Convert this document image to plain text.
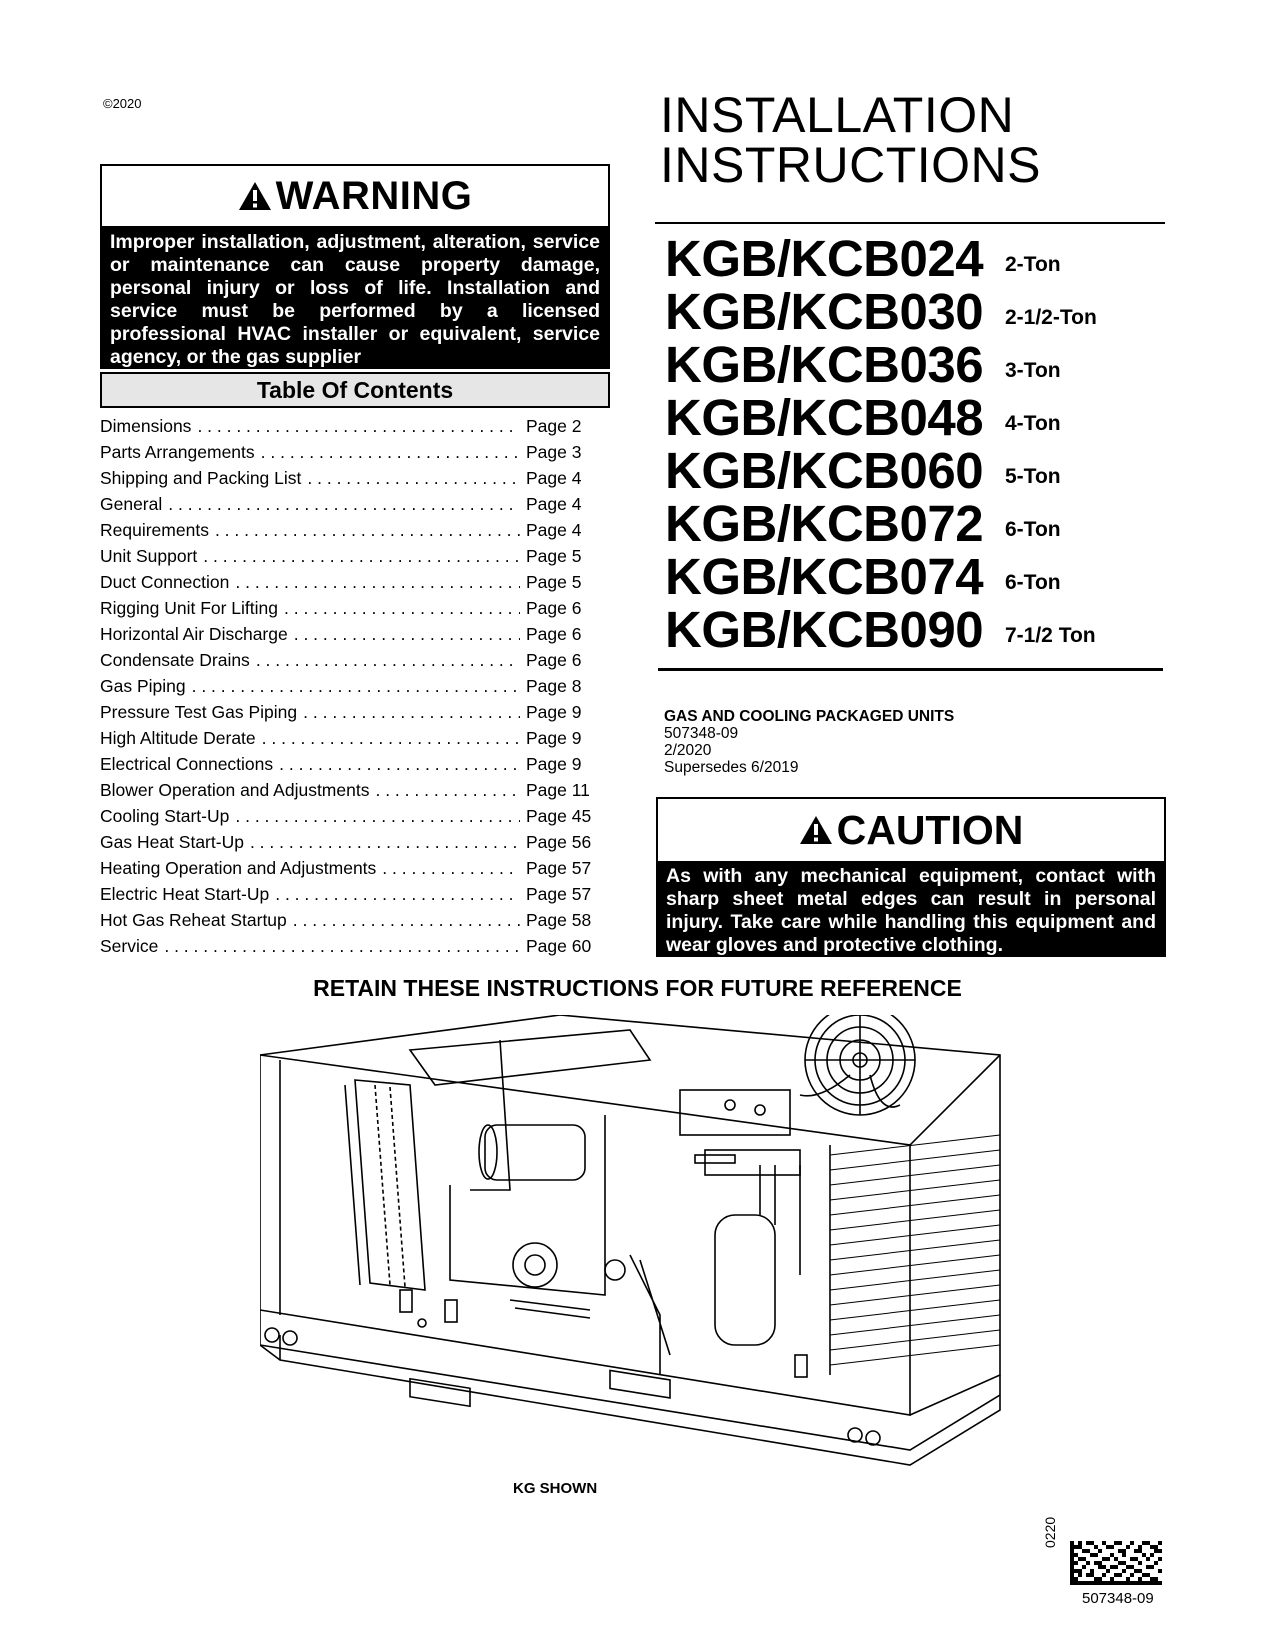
©2020
WARNING
Improper installation, adjustment, alteration, service or maintenance can cause property damage, personal injury or loss of life. Installation and service must be performed by a licensed professional HVAC installer or equivalent, service agency, or the gas supplier
Table Of Contents
Dimensions . . .	Page 2
Parts Arrangements . . .	Page 3
Shipping and Packing List . . .	Page 4
General . . .	Page 4
Requirements . . .	Page 4
Unit Support . . .	Page 5
Duct Connection . . .	Page 5
Rigging Unit For Lifting . . .	Page 6
Horizontal Air Discharge . . .	Page 6
Condensate Drains . . .	Page 6
Gas Piping . . .	Page 8
Pressure Test Gas Piping . . .	Page 9
High Altitude Derate . . .	Page 9
Electrical Connections . . .	Page 9
Blower Operation and Adjustments . . .	Page 11
Cooling Start-Up . . .	Page 45
Gas Heat Start-Up . . .	Page 56
Heating Operation and Adjustments . . .	Page 57
Electric Heat Start-Up . . .	Page 57
Hot Gas Reheat Startup . . .	Page 58
Service . . .	Page 60
INSTALLATION
INSTRUCTIONS
KGB/KCB024	2-Ton
KGB/KCB030	2-1/2-Ton
KGB/KCB036	3-Ton
KGB/KCB048	4-Ton
KGB/KCB060	5-Ton
KGB/KCB072	6-Ton
KGB/KCB074	6-Ton
KGB/KCB090	7-1/2 Ton
GAS AND COOLING PACKAGED UNITS
507348-09
2/2020
Supersedes 6/2019
CAUTION
As with any mechanical equipment, contact with sharp sheet metal edges can result in personal injury. Take care while handling this equipment and wear gloves and protective clothing.
RETAIN THESE INSTRUCTIONS FOR FUTURE REFERENCE
KG SHOWN
0220
507348-09
